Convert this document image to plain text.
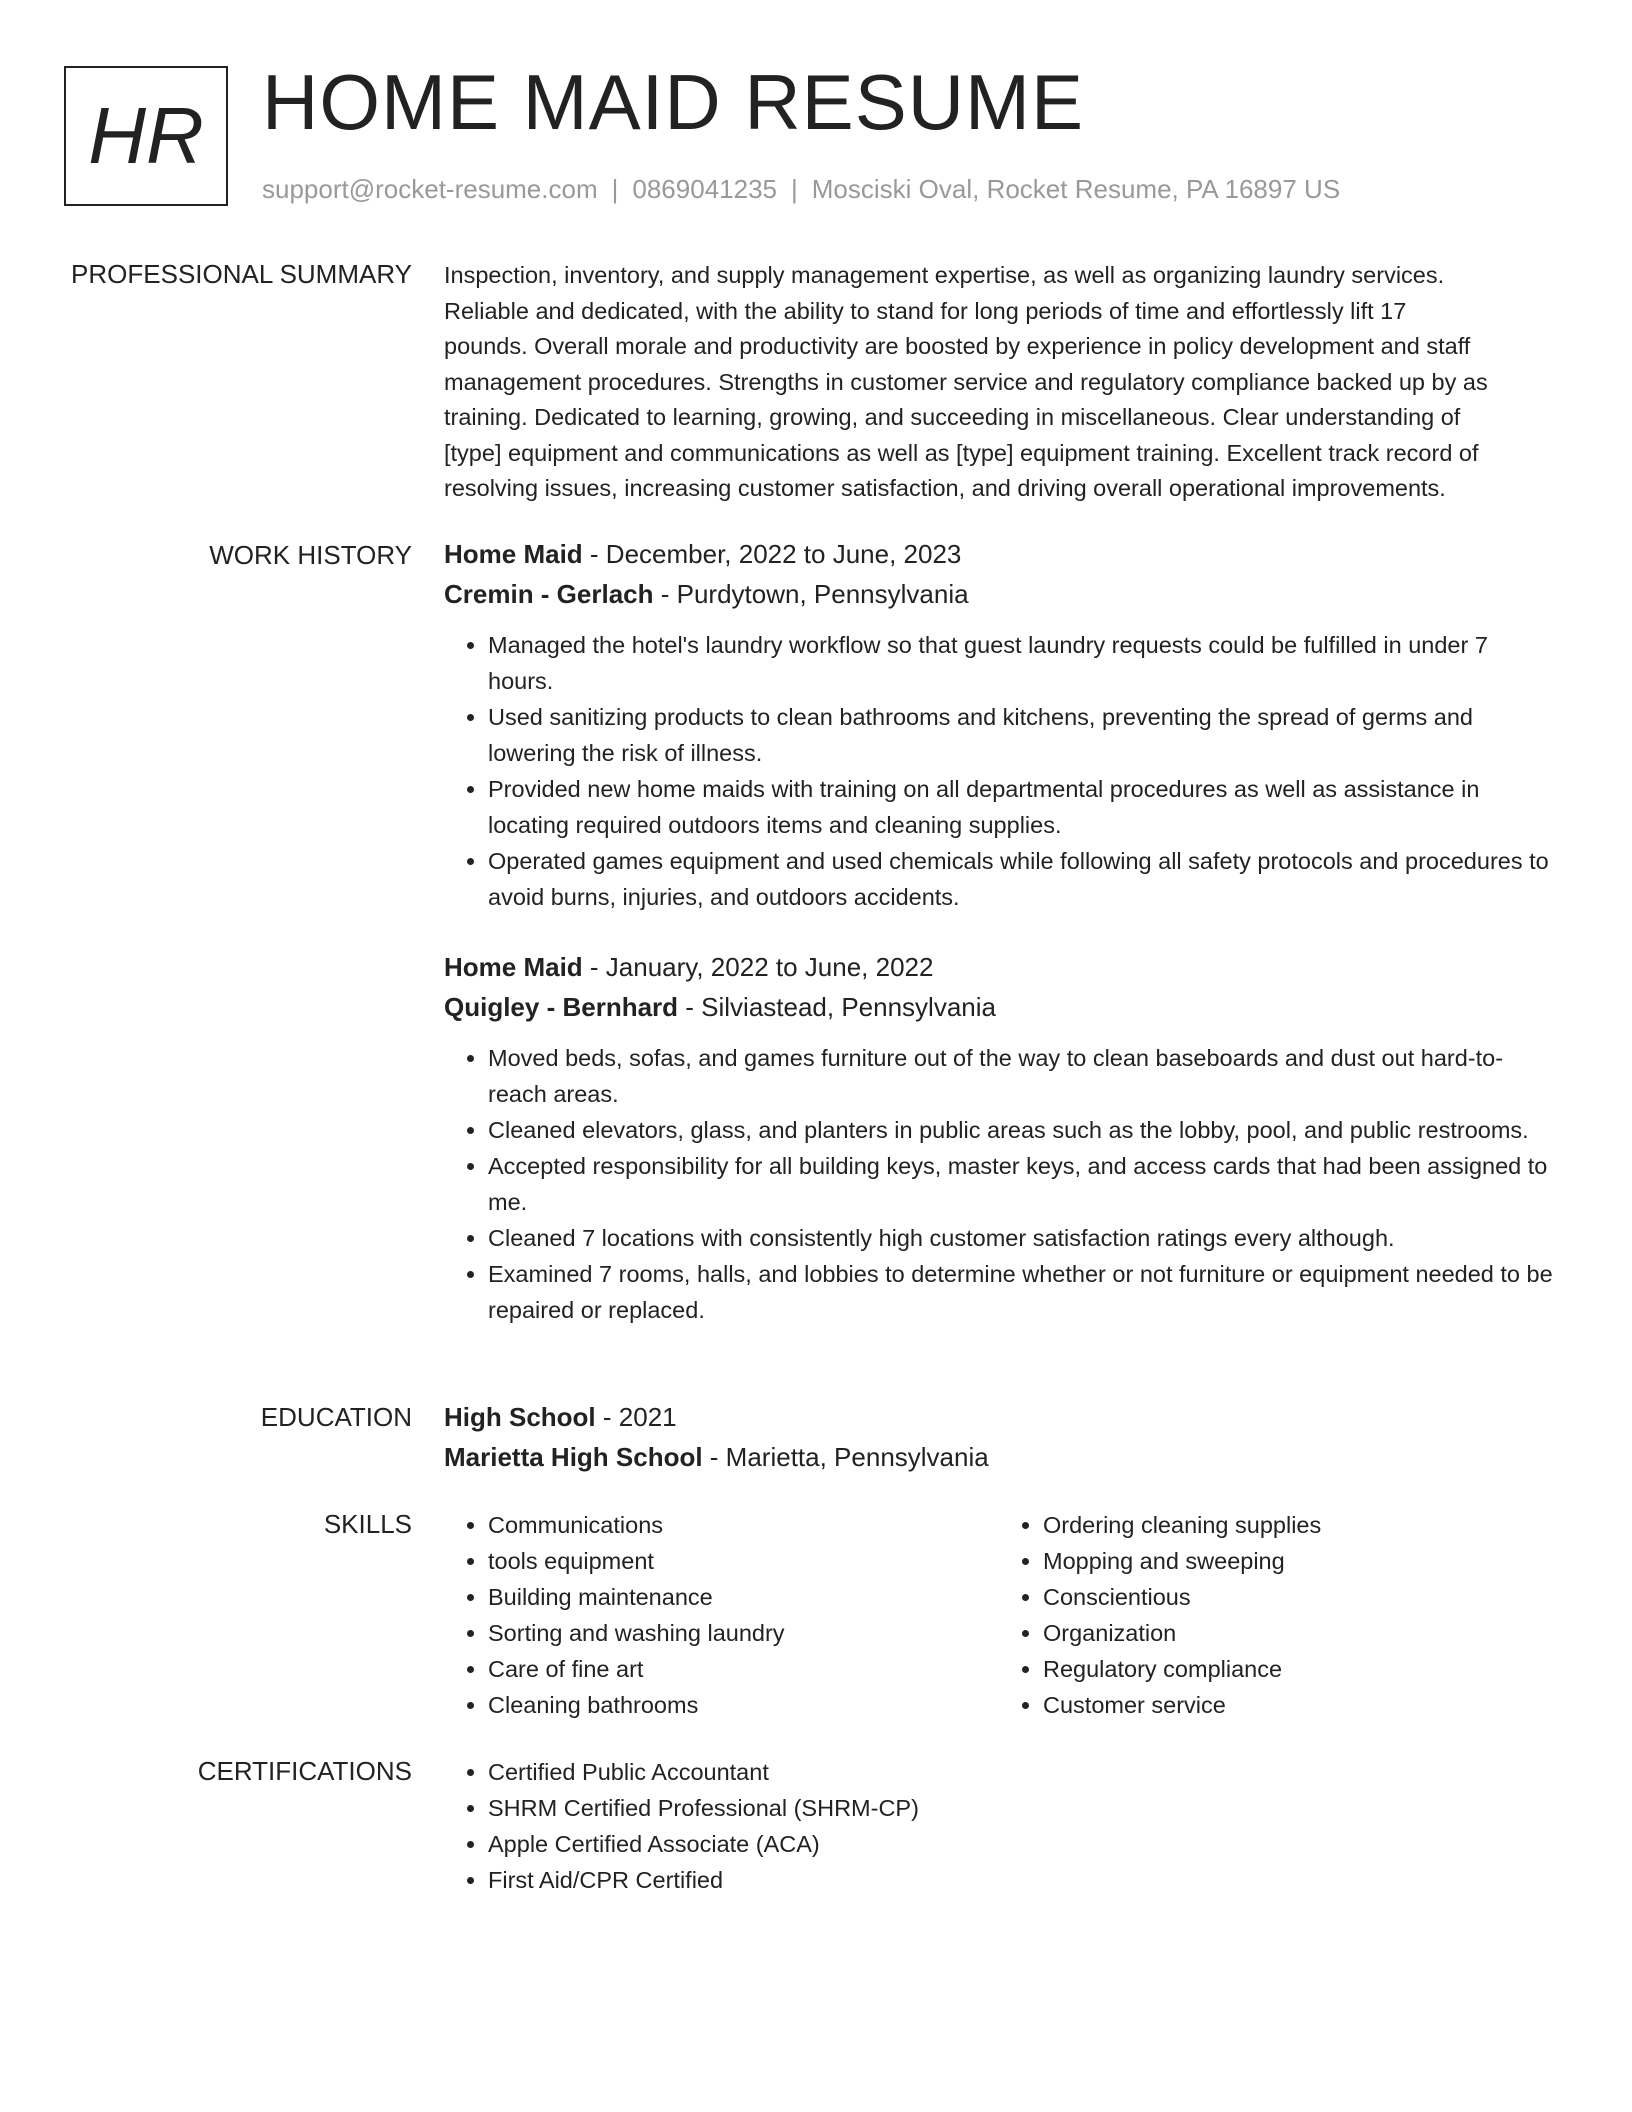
HR HOME MAID RESUME
support@rocket-resume.com | 0869041235 | Mosciski Oval, Rocket Resume, PA 16897 US
PROFESSIONAL SUMMARY Inspection, inventory, and supply management expertise, as well as organizing laundry services.
Reliable and dedicated, with the ability to stand for long periods of time and effortlessly lift 17
pounds. Overall morale and productivity are boosted by experience in policy development and staff
management procedures. Strengths in customer service and regulatory compliance backed up by as
training. Dedicated to learning, growing, and succeeding in miscellaneous. Clear understanding of
[type] equipment and communications as well as [type] equipment training. Excellent track record of
resolving issues, increasing customer satisfaction, and driving overall operational improvements.

WORK HISTORY Home Maid - December, 2022 to June, 2023

Cremin - Gerlach - Purdytown, Pennsylvania

• Managed the hotel's laundry workflow so that guest laundry requests could be fulfilled in under 7 hours.
• Used sanitizing products to clean bathrooms and kitchens, preventing the spread of germs and lowering the risk of illness.
• Provided new home maids with training on all departmental procedures as well as assistance in locating required outdoors items and cleaning supplies.
• Operated games equipment and used chemicals while following all safety protocols and procedures to avoid burns, injuries, and outdoors accidents.

Home Maid - January, 2022 to June, 2022

Quigley - Bernhard - Silviastead, Pennsylvania

• Moved beds, sofas, and games furniture out of the way to clean baseboards and dust out hard-to-reach areas.
• Cleaned elevators, glass, and planters in public areas such as the lobby, pool, and public restrooms.
• Accepted responsibility for all building keys, master keys, and access cards that had been assigned to me.
• Cleaned 7 locations with consistently high customer satisfaction ratings every although.
• Examined 7 rooms, halls, and lobbies to determine whether or not furniture or equipment needed to be repaired or replaced.
EDUCATION High School - 2021

Marietta High School - Marietta, Pennsylvania

SKILLS	• Communications
• tools equipment
• Building maintenance
• Sorting and washing laundry
• Care of fine art
• Cleaning bathrooms
• Ordering cleaning supplies
• Mopping and sweeping
• Conscientious
• Organization
• Regulatory compliance
• Customer service
CERTIFICATIONS	• Certified Public Accountant
• SHRM Certified Professional (SHRM-CP)
• Apple Certified Associate (ACA)
• First Aid/CPR Certified
